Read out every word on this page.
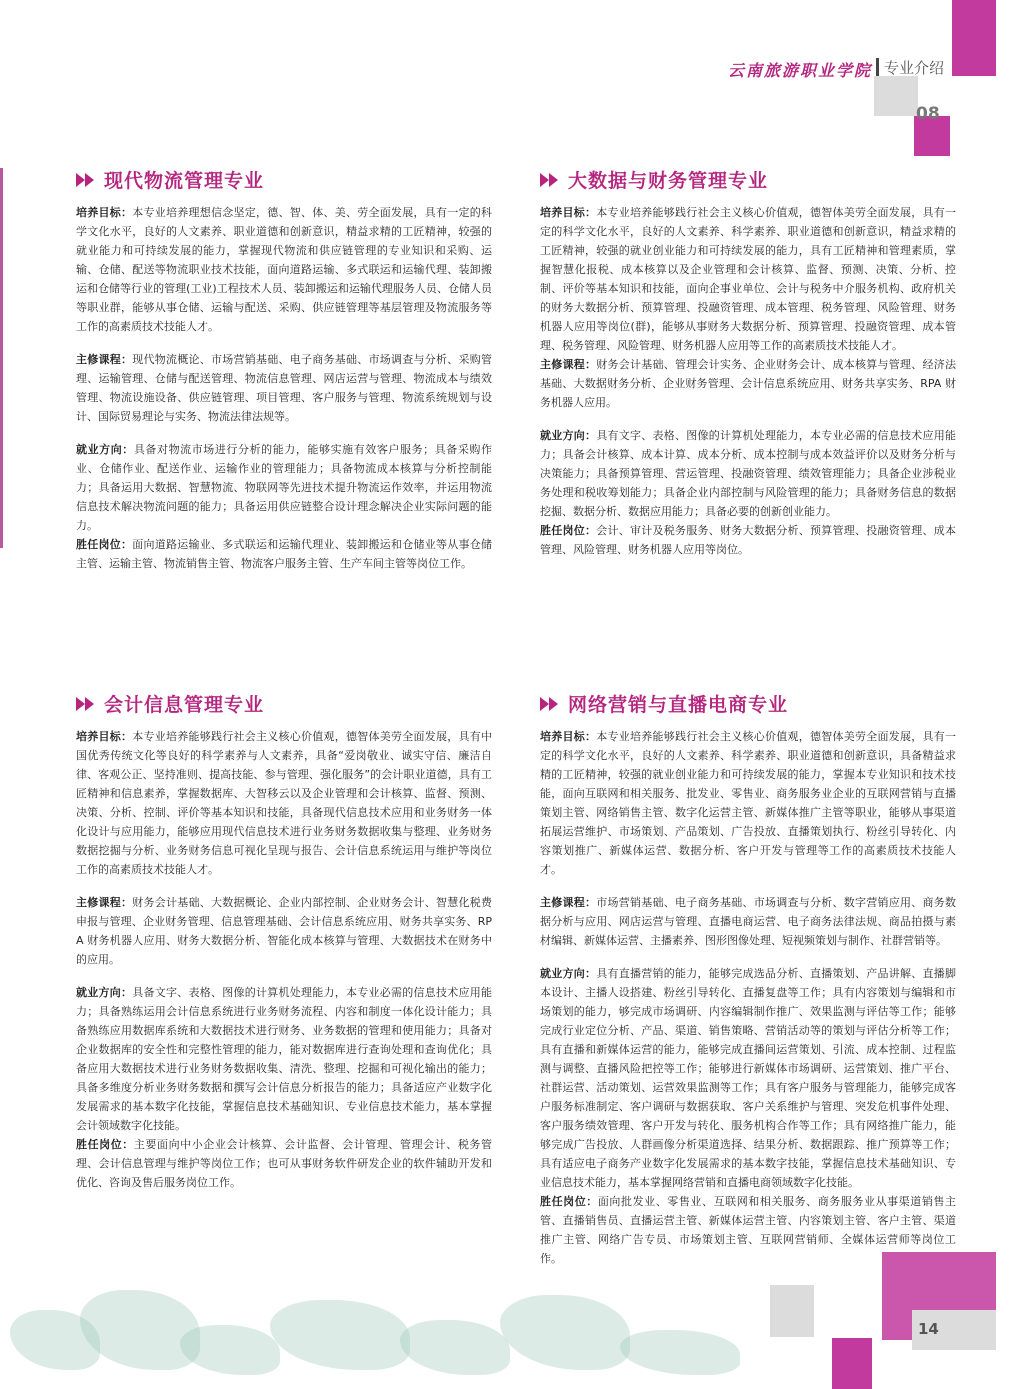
云南旅游职业学院 专业介绍
08
现代物流管理专业

培养目标：本专业培养理想信念坚定，德、智、体、美、劳全面发展，具有一定的科学文化水平，良好的人文素养、职业道德和创新意识，精益求精的工匠精神，较强的就业能力和可持续发展的能力，掌握现代物流和供应链管理的专业知识和采购、运输、仓储、配送等物流职业技术技能，面向道路运输、多式联运和运输代理、装卸搬运和仓储等行业的管理(工业)工程技术人员、装卸搬运和运输代理服务人员、仓储人员等职业群，能够从事仓储、运输与配送、采购、供应链管理等基层管理及物流服务等工作的高素质技术技能人才。

主修课程：现代物流概论、市场营销基础、电子商务基础、市场调查与分析、采购管理、运输管理、仓储与配送管理、物流信息管理、网店运营与管理、物流成本与绩效管理、物流设施设备、供应链管理、项目管理、客户服务与管理、物流系统规划与设计、国际贸易理论与实务、物流法律法规等。

就业方向：具备对物流市场进行分析的能力，能够实施有效客户服务；具备采购作业、仓储作业、配送作业、运输作业的管理能力；具备物流成本核算与分析控制能力；具备运用大数据、智慧物流、物联网等先进技术提升物流运作效率，并运用物流信息技术解决物流问题的能力；具备运用供应链整合设计理念解决企业实际问题的能力。

胜任岗位：面向道路运输业、多式联运和运输代理业、装卸搬运和仓储业等从事仓储主管、运输主管、物流销售主管、物流客户服务主管、生产车间主管等岗位工作。

大数据与财务管理专业

培养目标：本专业培养能够践行社会主义核心价值观，德智体美劳全面发展，具有一定的科学文化水平，良好的人文素养、科学素养、职业道德和创新意识，精益求精的工匠精神，较强的就业创业能力和可持续发展的能力，具有工匠精神和管理素质，掌握智慧化报税、成本核算以及企业管理和会计核算、监督、预测、决策、分析、控制、评价等基本知识和技能，面向企事业单位、会计与税务中介服务机构、政府机关的财务大数据分析、预算管理、投融资管理、成本管理、税务管理、风险管理、财务机器人应用等岗位(群)，能够从事财务大数据分析、预算管理、投融资管理、成本管理、税务管理、风险管理、财务机器人应用等工作的高素质技术技能人才。

主修课程：财务会计基础、管理会计实务、企业财务会计、成本核算与管理、经济法基础、大数据财务分析、企业财务管理、会计信息系统应用、财务共享实务、RPA 财务机器人应用。

就业方向：具有文字、表格、图像的计算机处理能力，本专业必需的信息技术应用能力；具备会计核算、成本计算、成本分析、成本控制与成本效益评价以及财务分析与决策能力；具备预算管理、营运管理、投融资管理、绩效管理能力；具备企业涉税业务处理和税收筹划能力；具备企业内部控制与风险管理的能力；具备财务信息的数据挖掘、数据分析、数据应用能力；具备必要的创新创业能力。

胜任岗位：会计、审计及税务服务、财务大数据分析、预算管理、投融资管理、成本管理、风险管理、财务机器人应用等岗位。

会计信息管理专业

培养目标：本专业培养能够践行社会主义核心价值观，德智体美劳全面发展，具有中国优秀传统文化等良好的科学素养与人文素养，具备“爱岗敬业、诚实守信、廉洁自律、客观公正、坚持准则、提高技能、参与管理、强化服务”的会计职业道德，具有工匠精神和信息素养，掌握数据库、大智移云以及企业管理和会计核算、监督、预测、决策、分析、控制、评价等基本知识和技能，具备现代信息技术应用和业务财务一体化设计与应用能力，能够应用现代信息技术进行业务财务数据收集与整理、业务财务数据挖掘与分析、业务财务信息可视化呈现与报告、会计信息系统运用与维护等岗位工作的高素质技术技能人才。

主修课程：财务会计基础、大数据概论、企业内部控制、企业财务会计、智慧化税费申报与管理、企业财务管理、信息管理基础、会计信息系统应用、财务共享实务、RPA 财务机器人应用、财务大数据分析、智能化成本核算与管理、大数据技术在财务中的应用。

就业方向：具备文字、表格、图像的计算机处理能力，本专业必需的信息技术应用能力；具备熟练运用会计信息系统进行业务财务流程、内容和制度一体化设计能力；具备熟练应用数据库系统和大数据技术进行财务、业务数据的管理和使用能力；具备对企业数据库的安全性和完整性管理的能力，能对数据库进行查询处理和查询优化；具备应用大数据技术进行业务财务数据收集、清洗、整理、挖掘和可视化输出的能力；具备多维度分析业务财务数据和撰写会计信息分析报告的能力；具备适应产业数字化发展需求的基本数字化技能，掌握信息技术基础知识、专业信息技术能力，基本掌握会计领域数字化技能。

胜任岗位：主要面向中小企业会计核算、会计监督、会计管理、管理会计、税务管理、会计信息管理与维护等岗位工作；也可从事财务软件研发企业的软件辅助开发和优化、咨询及售后服务岗位工作。

网络营销与直播电商专业

培养目标：本专业培养能够践行社会主义核心价值观，德智体美劳全面发展，具有一定的科学文化水平，良好的人文素养、科学素养、职业道德和创新意识，具备精益求精的工匠精神，较强的就业创业能力和可持续发展的能力，掌握本专业知识和技术技能，面向互联网和相关服务、批发业、零售业、商务服务业企业的互联网营销与直播策划主管、网络销售主管、数字化运营主管、新媒体推广主管等职业，能够从事渠道拓展运营维护、市场策划、产品策划、广告投放、直播策划执行、粉丝引导转化、内容策划推广、新媒体运营、数据分析、客户开发与管理等工作的高素质技术技能人才。

主修课程：市场营销基础、电子商务基础、市场调查与分析、数字营销应用、商务数据分析与应用、网店运营与管理、直播电商运营、电子商务法律法规、商品拍摄与素材编辑、新媒体运营、主播素养、图形图像处理、短视频策划与制作、社群营销等。

就业方向：具有直播营销的能力，能够完成选品分析、直播策划、产品讲解、直播脚本设计、主播人设搭建、粉丝引导转化、直播复盘等工作；具有内容策划与编辑和市场策划的能力，够完成市场调研、内容编辑制作推广、效果监测与评估等工作；能够完成行业定位分析、产品、渠道、销售策略、营销活动等的策划与评估分析等工作；具有直播和新媒体运营的能力，能够完成直播间运营策划、引流、成本控制、过程监测与调整、直播风险把控等工作；能够进行新媒体市场调研、运营策划、推广平台、社群运营、活动策划、运营效果监测等工作；具有客户服务与管理能力，能够完成客户服务标准制定、客户调研与数据获取、客户关系维护与管理、突发危机事件处理、客户服务绩效管理、客户开发与转化、服务机构合作等工作；具有网络推广能力，能够完成广告投放、人群画像分析渠道选择、结果分析、数据跟踪、推广预算等工作；具有适应电子商务产业数字化发展需求的基本数字技能，掌握信息技术基础知识、专业信息技术能力，基本掌握网络营销和直播电商领域数字化技能。

胜任岗位：面向批发业、零售业、互联网和相关服务、商务服务业从事渠道销售主管、直播销售员、直播运营主管、新媒体运营主管、内容策划主管、客户主管、渠道推广主管、网络广告专员、市场策划主管、互联网营销师、全媒体运营师等岗位工作。

14
